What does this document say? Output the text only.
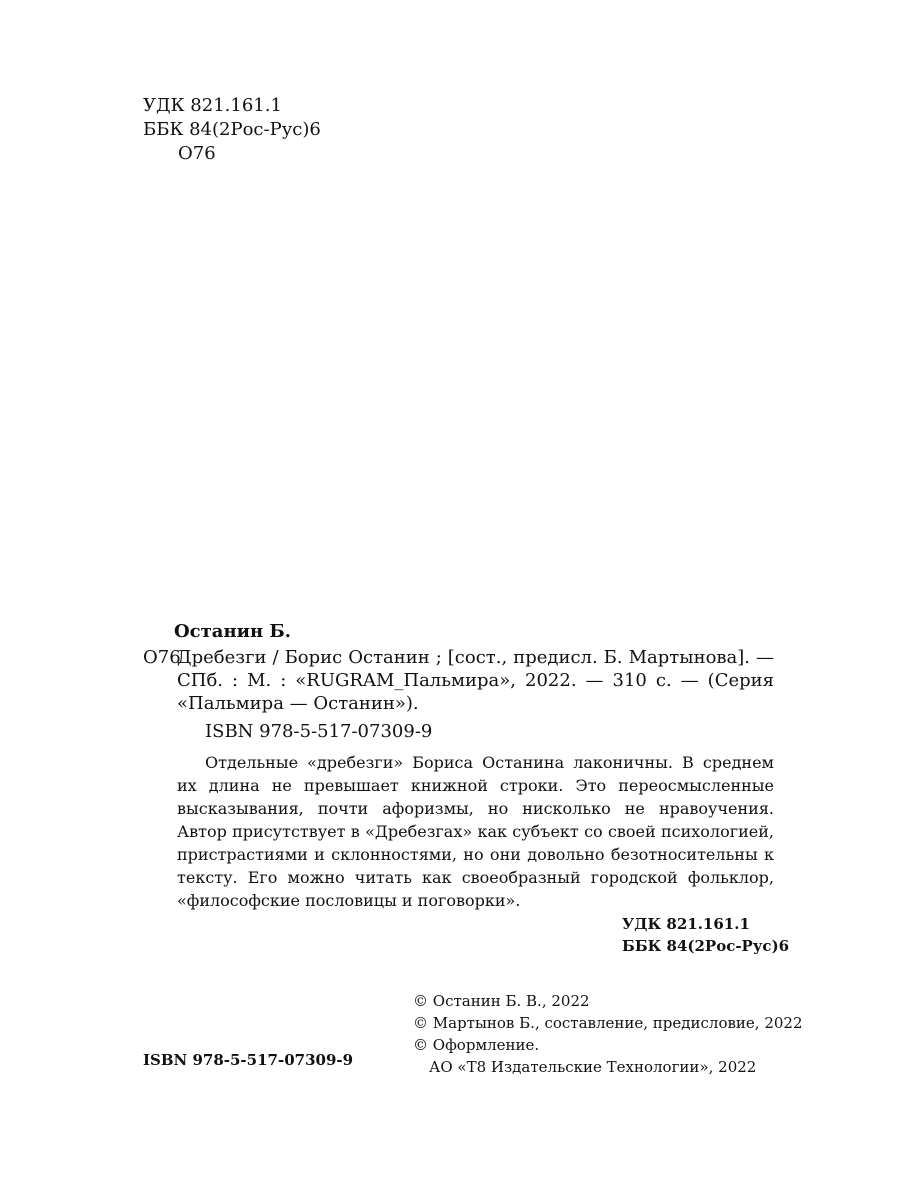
УДК 821.161.1
ББК 84(2Рос-Рус)6
О76
Останин Б.
О76
Дребезги / Борис Останин ; [сост., предисл. Б. Мартынова]. — СПб. : М. : «RUGRAM_Пальмира», 2022. — 310 с. — (Серия «Пальмира — Останин»).
ISBN 978-5-517-07309-9
Отдельные «дребезги» Бориса Останина лаконичны. В среднем их длина не превышает книжной строки. Это переосмысленные высказывания, почти афоризмы, но нисколько не нравоучения. Автор присутствует в «Дребезгах» как субъект со своей психологией, пристрастиями и склонностями, но они довольно безотносительны к тексту. Его можно читать как своеобразный городской фольклор, «философские пословицы и поговорки».
УДК 821.161.1
ББК 84(2Рос-Рус)6
© Останин Б. В., 2022
© Мартынов Б., составление, предисловие, 2022
© Оформление.
АО «Т8 Издательские Технологии», 2022
ISBN 978-5-517-07309-9
